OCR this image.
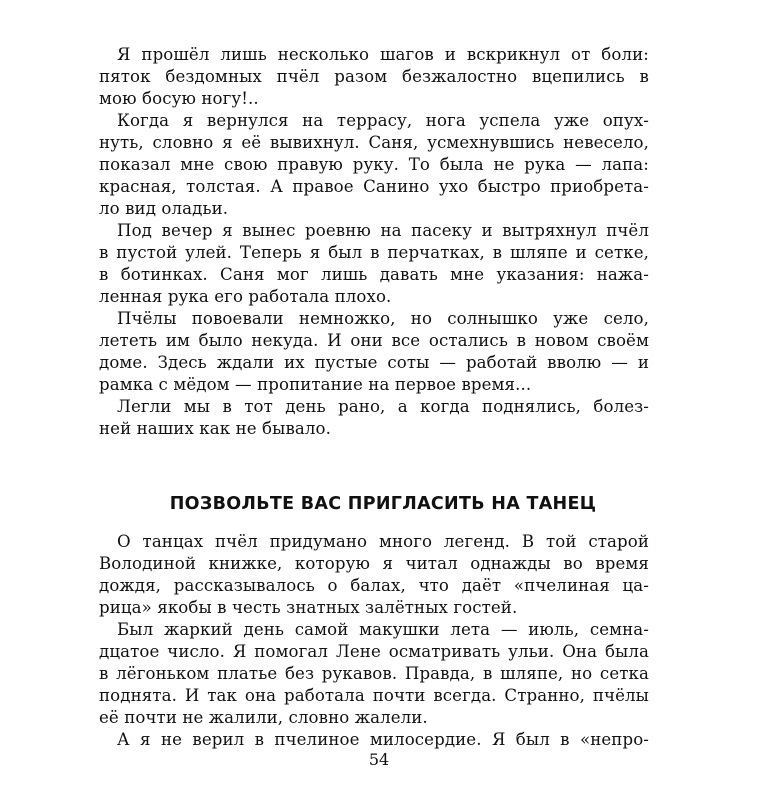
Я прошёл лишь несколько шагов и вскрикнул от боли:
пяток бездомных пчёл разом безжалостно вцепились в
мою босую ногу!..
Когда я вернулся на террасу, нога успела уже опух-
нуть, словно я её вывихнул. Саня, усмехнувшись невесело,
показал мне свою правую руку. То была не рука — лапа:
красная, толстая. А правое Санино ухо быстро приобрета-
ло вид оладьи.
Под вечер я вынес роевню на пасеку и вытряхнул пчёл
в пустой улей. Теперь я был в перчатках, в шляпе и сетке,
в ботинках. Саня мог лишь давать мне указания: нажа-
ленная рука его работала плохо.
Пчёлы повоевали немножко, но солнышко уже село,
лететь им было некуда. И они все остались в новом своём
доме. Здесь ждали их пустые соты — работай вволю — и
рамка с мёдом — пропитание на первое время...
Легли мы в тот день рано, а когда поднялись, болез-
ней наших как не бывало.
ПОЗВОЛЬТЕ ВАС ПРИГЛАСИТЬ НА ТАНЕЦ
О танцах пчёл придумано много легенд. В той старой
Володиной книжке, которую я читал однажды во время
дождя, рассказывалось о балах, что даёт «пчелиная ца-
рица» якобы в честь знатных залётных гостей.
Был жаркий день самой макушки лета — июль, семна-
дцатое число. Я помогал Лене осматривать ульи. Она была
в лёгоньком платье без рукавов. Правда, в шляпе, но сетка
поднята. И так она работала почти всегда. Странно, пчёлы
её почти не жалили, словно жалели.
А я не верил в пчелиное милосердие. Я был в «непро-
54
